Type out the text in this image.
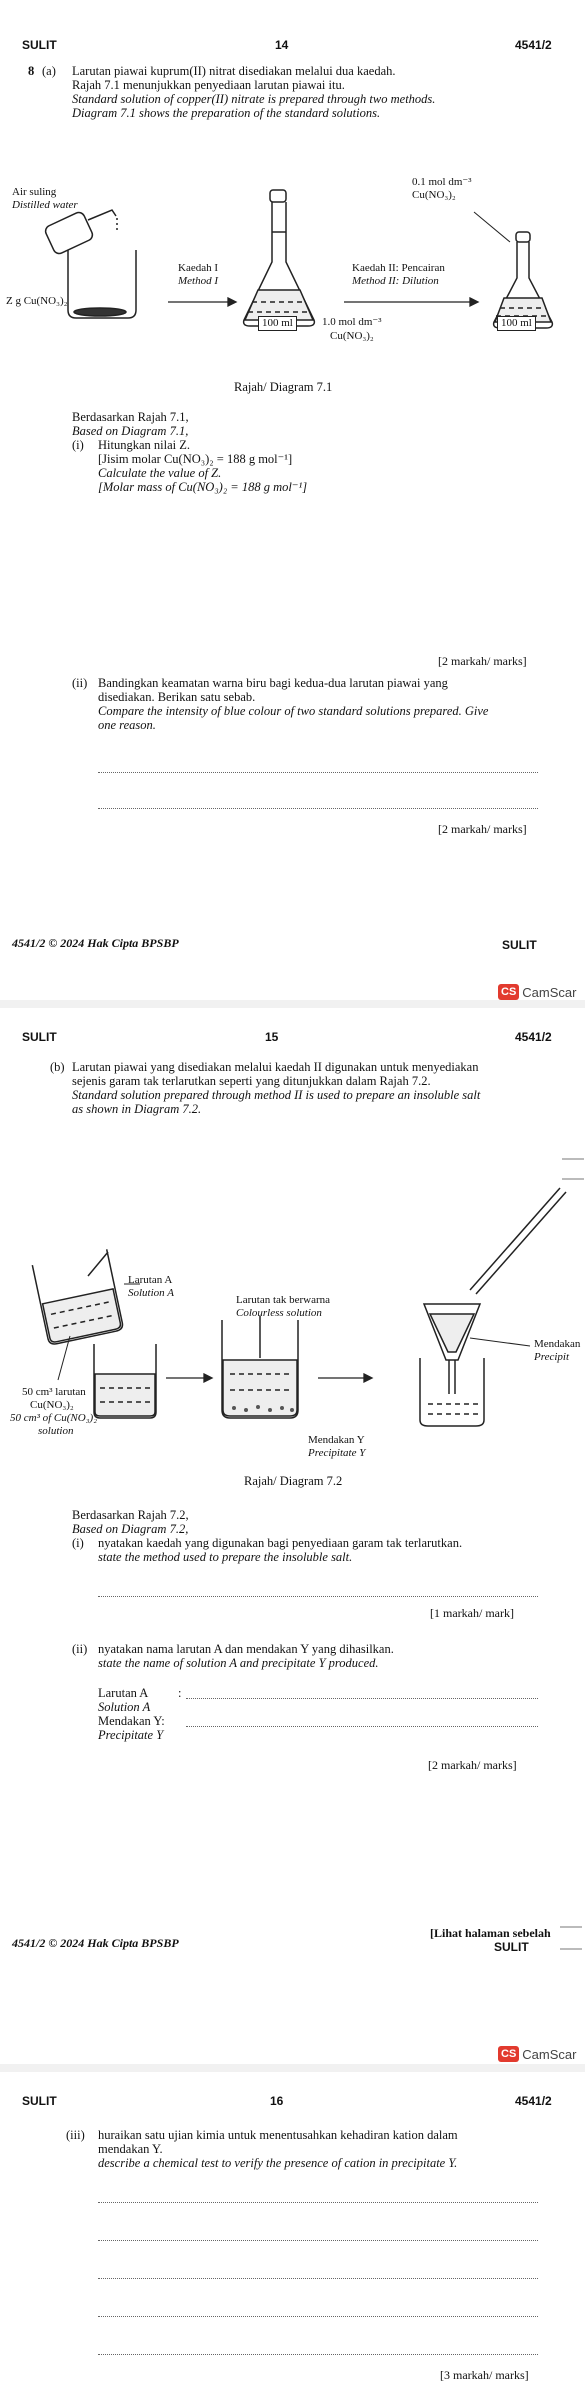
SULIT	14	4541/2
8 (a) Larutan piawai kuprum(II) nitrat disediakan melalui dua kaedah.
Rajah 7.1 menunjukkan penyediaan larutan piawai itu.
Standard solution of copper(II) nitrate is prepared through two methods.
Diagram 7.1 shows the preparation of the standard solutions.
Air suling
Distilled water
Z g Cu(NO₃)₂
Kaedah I
Method I
100 ml	1.0 mol dm⁻³
Cu(NO₃)₂
Kaedah II: Pencairan
Method II: Dilution
0.1 mol dm⁻³
Cu(NO₃)₂
100 ml
Rajah/ Diagram 7.1
Berdasarkan Rajah 7.1,
Based on Diagram 7.1,
(i) Hitungkan nilai Z.
[Jisim molar Cu(NO₃)₂ = 188 g mol⁻¹]
Calculate the value of Z.
[Molar mass of Cu(NO₃)₂ = 188 g mol⁻¹]
[2 markah/ marks]
(ii) Bandingkan keamatan warna biru bagi kedua-dua larutan piawai yang
disediakan. Berikan satu sebab.
Compare the intensity of blue colour of two standard solutions prepared. Give
one reason.
[2 markah/ marks]
4541/2 © 2024 Hak Cipta BPSBP	SULIT
CS CamScar
SULIT	15	4541/2
(b) Larutan piawai yang disediakan melalui kaedah II digunakan untuk menyediakan
sejenis garam tak terlarutkan seperti yang ditunjukkan dalam Rajah 7.2.
Standard solution prepared through method II is used to prepare an insoluble salt
as shown in Diagram 7.2.
Larutan A
Solution A
Larutan tak berwarna
Colourless solution
Mendakan
Precipit
50 cm³ larutan
Cu(NO₃)₂
50 cm³ of Cu(NO₃)₂
solution
Mendakan Y
Precipitate Y
Rajah/ Diagram 7.2
Berdasarkan Rajah 7.2,
Based on Diagram 7.2,
(i) nyatakan kaedah yang digunakan bagi penyediaan garam tak terlarutkan.
state the method used to prepare the insoluble salt.
[1 markah/ mark]
(ii) nyatakan nama larutan A dan mendakan Y yang dihasilkan.
state the name of solution A and precipitate Y produced.
Larutan A :
Solution A
Mendakan Y:
Precipitate Y
[2 markah/ marks]
4541/2 © 2024 Hak Cipta BPSBP
[Lihat halaman sebelah
SULIT
CS CamScar
SULIT	16	4541/2
(iii) huraikan satu ujian kimia untuk menentusahkan kehadiran kation dalam
mendakan Y.
describe a chemical test to verify the presence of cation in precipitate Y.
[3 markah/ marks]
